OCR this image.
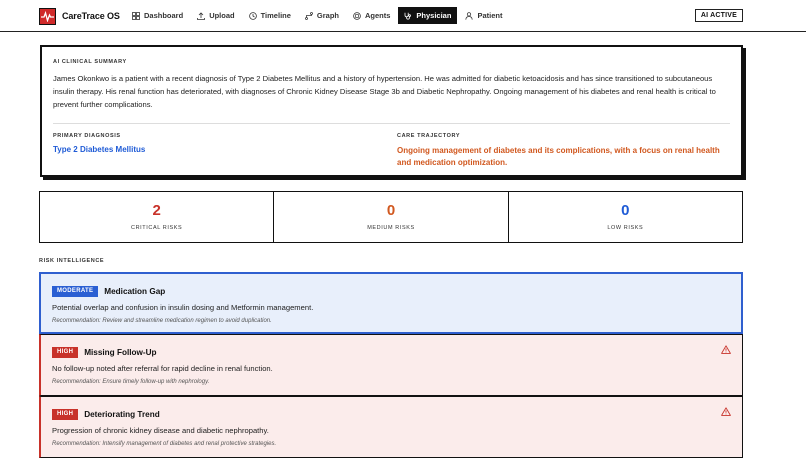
CareTrace OS	Dashboard	Upload	Timeline	Graph	Agents	Physician	Patient	AI ACTIVE
AI CLINICAL SUMMARY

James Okonkwo is a patient with a recent diagnosis of Type 2 Diabetes Mellitus and a history of hypertension. He was admitted for diabetic ketoacidosis and has since transitioned to subcutaneous insulin therapy. His renal function has deteriorated, with diagnoses of Chronic Kidney Disease Stage 3b and Diabetic Nephropathy. Ongoing management of his diabetes and renal health is critical to prevent further complications.

PRIMARY DIAGNOSIS
Type 2 Diabetes Mellitus
CARE TRAJECTORY
Ongoing management of diabetes and its complications, with a focus on renal health and medication optimization.
2
CRITICAL RISKS
0
MEDIUM RISKS
0
LOW RISKS
RISK INTELLIGENCE
MODERATE	Medication Gap
Potential overlap and confusion in insulin dosing and Metformin management.
Recommendation: Review and streamline medication regimen to avoid duplication.
HIGH	Missing Follow-Up
No follow-up noted after referral for rapid decline in renal function.
Recommendation: Ensure timely follow-up with nephrology.
HIGH	Deteriorating Trend
Progression of chronic kidney disease and diabetic nephropathy.
Recommendation: Intensify management of diabetes and renal protective strategies.
